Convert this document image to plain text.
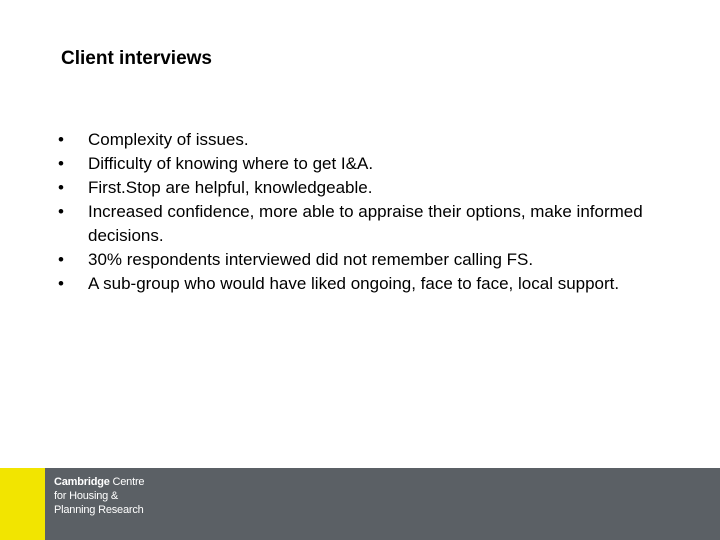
Client interviews
• Complexity of issues.
• Difficulty of knowing where to get I&A.
• First.Stop are helpful, knowledgeable.
• Increased confidence, more able to appraise their options, make informed decisions.
• 30% respondents interviewed did not remember calling FS.
• A sub-group who would have liked ongoing, face to face, local support.
Cambridge Centre
for Housing &
Planning Research
